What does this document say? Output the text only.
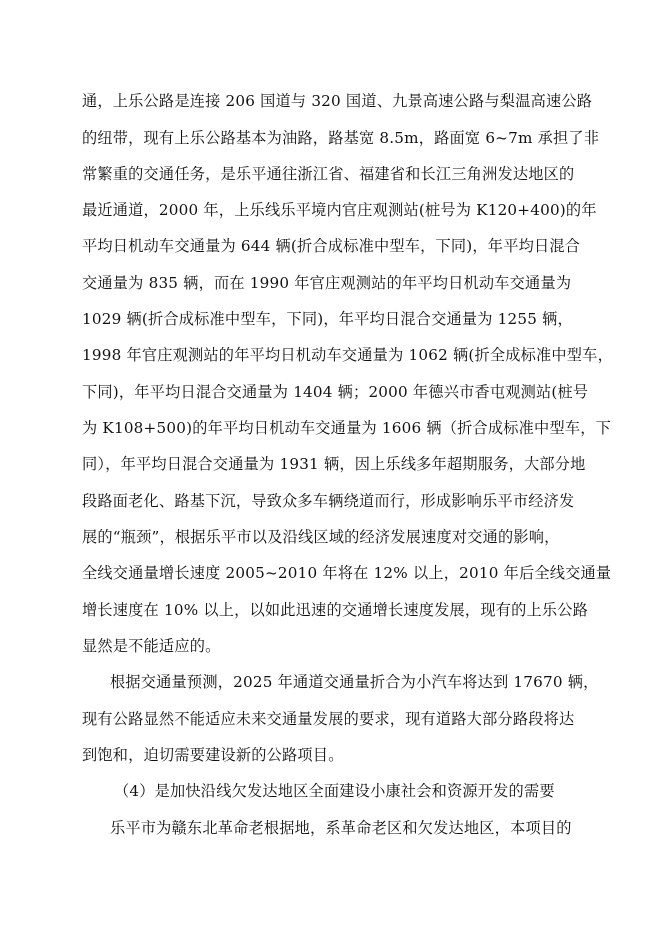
通，上乐公路是连接 206 国道与 320 国道、九景高速公路与梨温高速公路
的纽带，现有上乐公路基本为油路，路基宽 8.5m，路面宽 6~7m 承担了非
常繁重的交通任务，是乐平通往浙江省、福建省和长江三角洲发达地区的
最近通道，2000 年，上乐线乐平境内官庄观测站(桩号为 K120+400)的年
平均日机动车交通量为 644 辆(折合成标准中型车，下同)，年平均日混合
交通量为 835 辆，而在 1990 年官庄观测站的年平均日机动车交通量为
1029 辆(折合成标准中型车，下同)，年平均日混合交通量为 1255 辆，
1998 年官庄观测站的年平均日机动车交通量为 1062 辆(折全成标准中型车，
下同)，年平均日混合交通量为 1404 辆；2000 年德兴市香屯观测站(桩号
为 K108+500)的年平均日机动车交通量为 1606 辆（折合成标准中型车，下
同），年平均日混合交通量为 1931 辆，因上乐线多年超期服务，大部分地
段路面老化、路基下沉，导致众多车辆绕道而行，形成影响乐平市经济发
展的“瓶颈”，根据乐平市以及沿线区域的经济发展速度对交通的影响，
全线交通量增长速度 2005~2010 年将在 12% 以上，2010 年后全线交通量
增长速度在 10% 以上，以如此迅速的交通增长速度发展，现有的上乐公路
显然是不能适应的。
根据交通量预测，2025 年通道交通量折合为小汽车将达到 17670 辆，
现有公路显然不能适应未来交通量发展的要求，现有道路大部分路段将达
到饱和，迫切需要建设新的公路项目。
（4）是加快沿线欠发达地区全面建设小康社会和资源开发的需要
乐平市为赣东北革命老根据地，系革命老区和欠发达地区，本项目的
